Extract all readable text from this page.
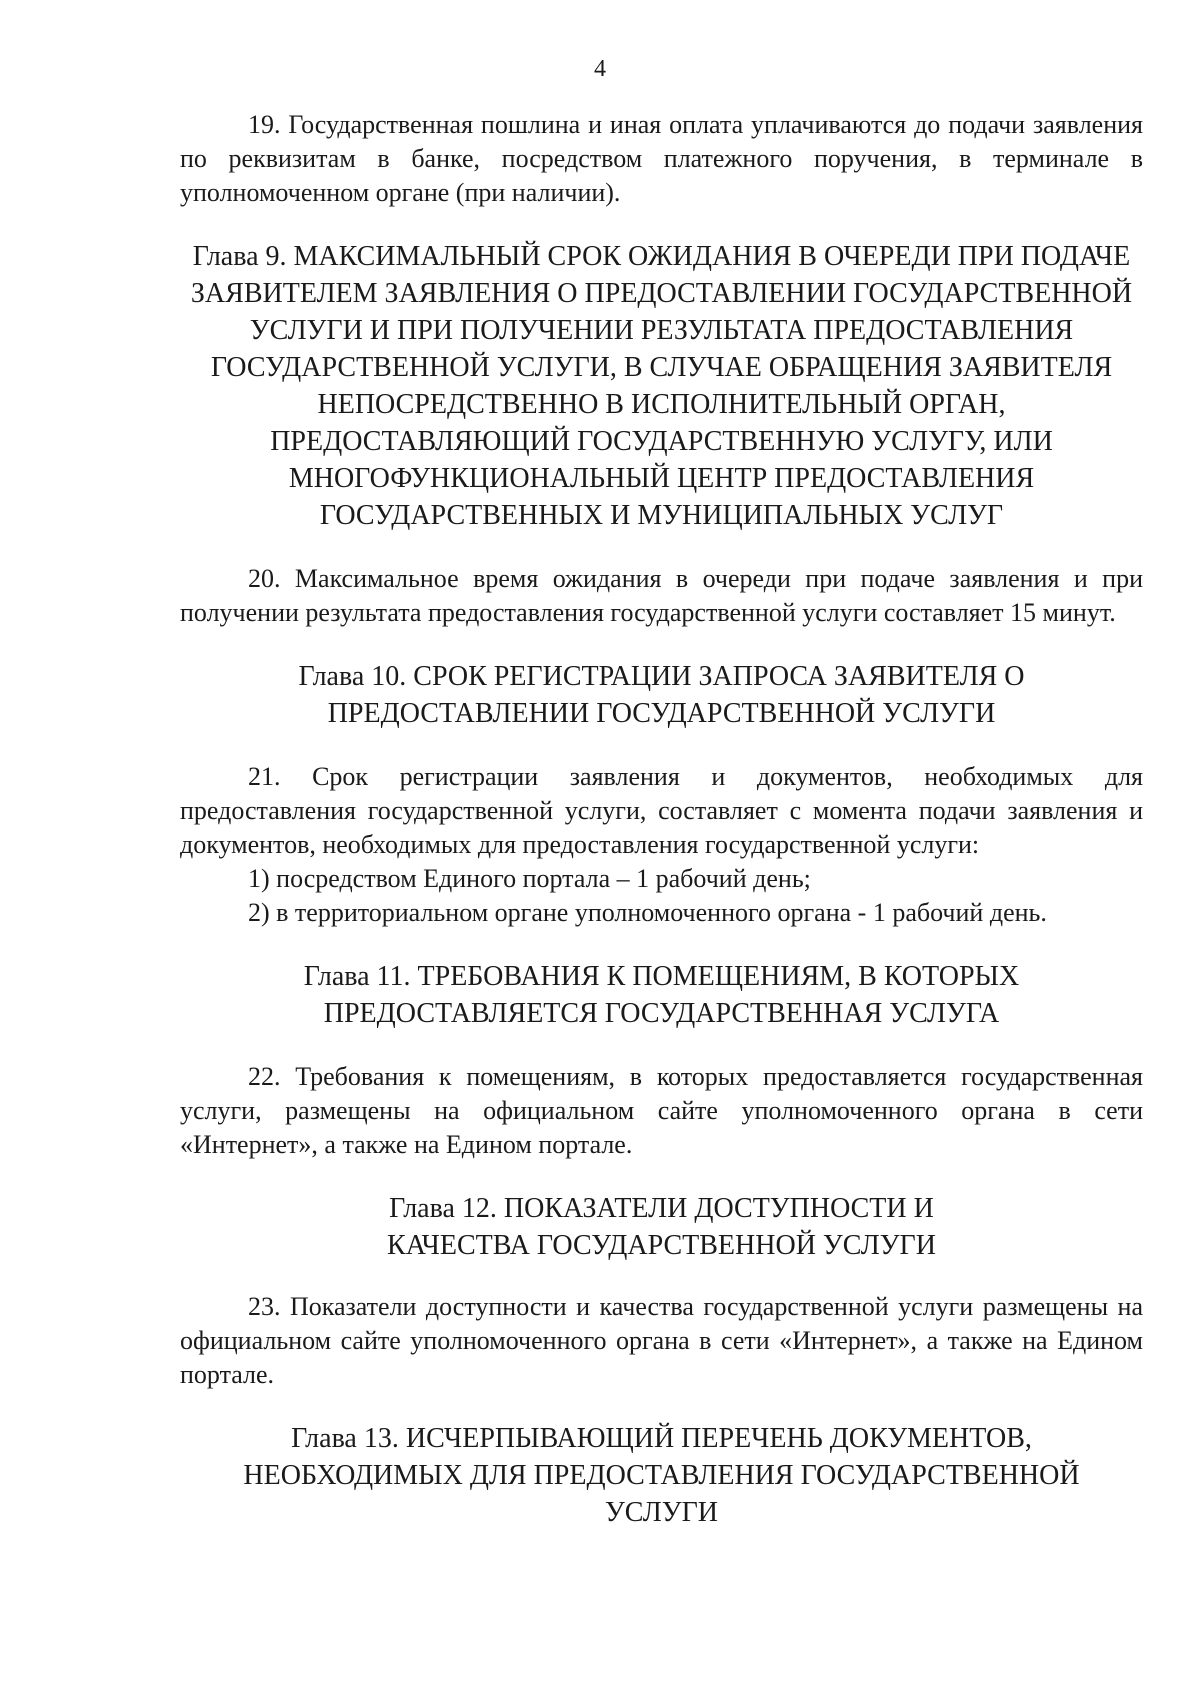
4

19. Государственная пошлина и иная оплата уплачиваются до подачи заявления по реквизитам в банке, посредством платежного поручения, в терминале в уполномоченном органе (при наличии).

Глава 9. МАКСИМАЛЬНЫЙ СРОК ОЖИДАНИЯ В ОЧЕРЕДИ ПРИ ПОДАЧЕ ЗАЯВИТЕЛЕМ ЗАЯВЛЕНИЯ О ПРЕДОСТАВЛЕНИИ ГОСУДАРСТВЕННОЙ УСЛУГИ И ПРИ ПОЛУЧЕНИИ РЕЗУЛЬТАТА ПРЕДОСТАВЛЕНИЯ ГОСУДАРСТВЕННОЙ УСЛУГИ, В СЛУЧАЕ ОБРАЩЕНИЯ ЗАЯВИТЕЛЯ НЕПОСРЕДСТВЕННО В ИСПОЛНИТЕЛЬНЫЙ ОРГАН, ПРЕДОСТАВЛЯЮЩИЙ ГОСУДАРСТВЕННУЮ УСЛУГУ, ИЛИ МНОГОФУНКЦИОНАЛЬНЫЙ ЦЕНТР ПРЕДОСТАВЛЕНИЯ ГОСУДАРСТВЕННЫХ И МУНИЦИПАЛЬНЫХ УСЛУГ

20. Максимальное время ожидания в очереди при подаче заявления и при получении результата предоставления государственной услуги составляет 15 минут.

Глава 10. СРОК РЕГИСТРАЦИИ ЗАПРОСА ЗАЯВИТЕЛЯ О ПРЕДОСТАВЛЕНИИ ГОСУДАРСТВЕННОЙ УСЛУГИ

21. Срок регистрации заявления и документов, необходимых для предоставления государственной услуги, составляет с момента подачи заявления и документов, необходимых для предоставления государственной услуги:

1) посредством Единого портала – 1 рабочий день;

2) в территориальном органе уполномоченного органа - 1 рабочий день.

Глава 11. ТРЕБОВАНИЯ К ПОМЕЩЕНИЯМ, В КОТОРЫХ ПРЕДОСТАВЛЯЕТСЯ ГОСУДАРСТВЕННАЯ УСЛУГА

22. Требования к помещениям, в которых предоставляется государственная услуги, размещены на официальном сайте уполномоченного органа в сети «Интернет», а также на Едином портале.

Глава 12. ПОКАЗАТЕЛИ ДОСТУПНОСТИ И КАЧЕСТВА ГОСУДАРСТВЕННОЙ УСЛУГИ

23. Показатели доступности и качества государственной услуги размещены на официальном сайте уполномоченного органа в сети «Интернет», а также на Едином портале.

Глава 13. ИСЧЕРПЫВАЮЩИЙ ПЕРЕЧЕНЬ ДОКУМЕНТОВ, НЕОБХОДИМЫХ ДЛЯ ПРЕДОСТАВЛЕНИЯ ГОСУДАРСТВЕННОЙ УСЛУГИ
